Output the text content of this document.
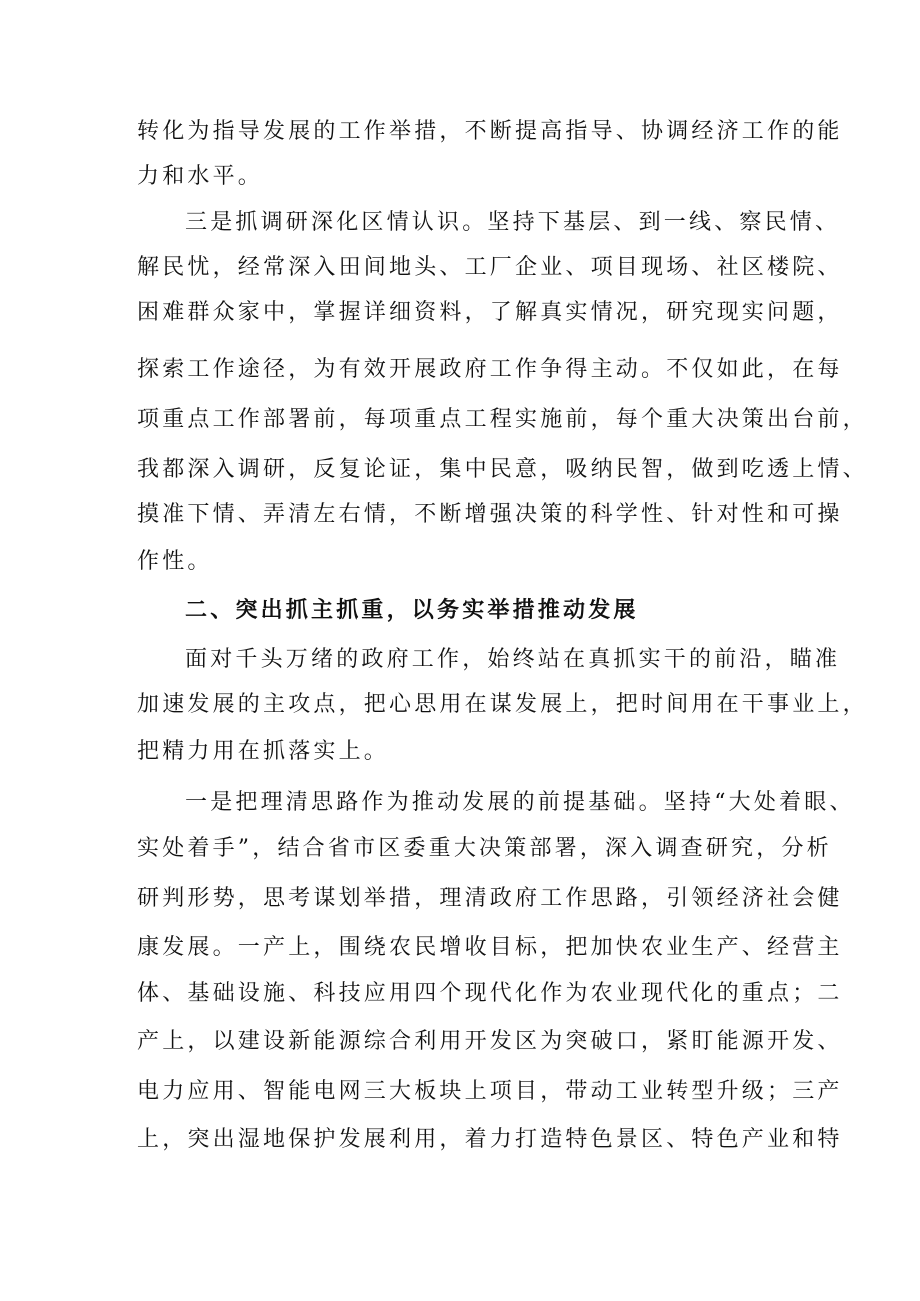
转化为指导发展的工作举措，不断提高指导、协调经济工作的能

力和水平。

三是抓调研深化区情认识。坚持下基层、到一线、察民情、

解民忧，经常深入田间地头、工厂企业、项目现场、社区楼院、

困难群众家中，掌握详细资料，了解真实情况，研究现实问题，

探索工作途径，为有效开展政府工作争得主动。不仅如此，在每

项重点工作部署前，每项重点工程实施前，每个重大决策出台前，

我都深入调研，反复论证，集中民意，吸纳民智，做到吃透上情、

摸准下情、弄清左右情，不断增强决策的科学性、针对性和可操

作性。

二、突出抓主抓重，以务实举措推动发展

面对千头万绪的政府工作，始终站在真抓实干的前沿，瞄准

加速发展的主攻点，把心思用在谋发展上，把时间用在干事业上，

把精力用在抓落实上。

一是把理清思路作为推动发展的前提基础。坚持“大处着眼、

实处着手”，结合省市区委重大决策部署，深入调查研究，分析

研判形势，思考谋划举措，理清政府工作思路，引领经济社会健

康发展。一产上，围绕农民增收目标，把加快农业生产、经营主

体、基础设施、科技应用四个现代化作为农业现代化的重点；二

产上，以建设新能源综合利用开发区为突破口，紧盯能源开发、

电力应用、智能电网三大板块上项目，带动工业转型升级；三产

上，突出湿地保护发展利用，着力打造特色景区、特色产业和特
